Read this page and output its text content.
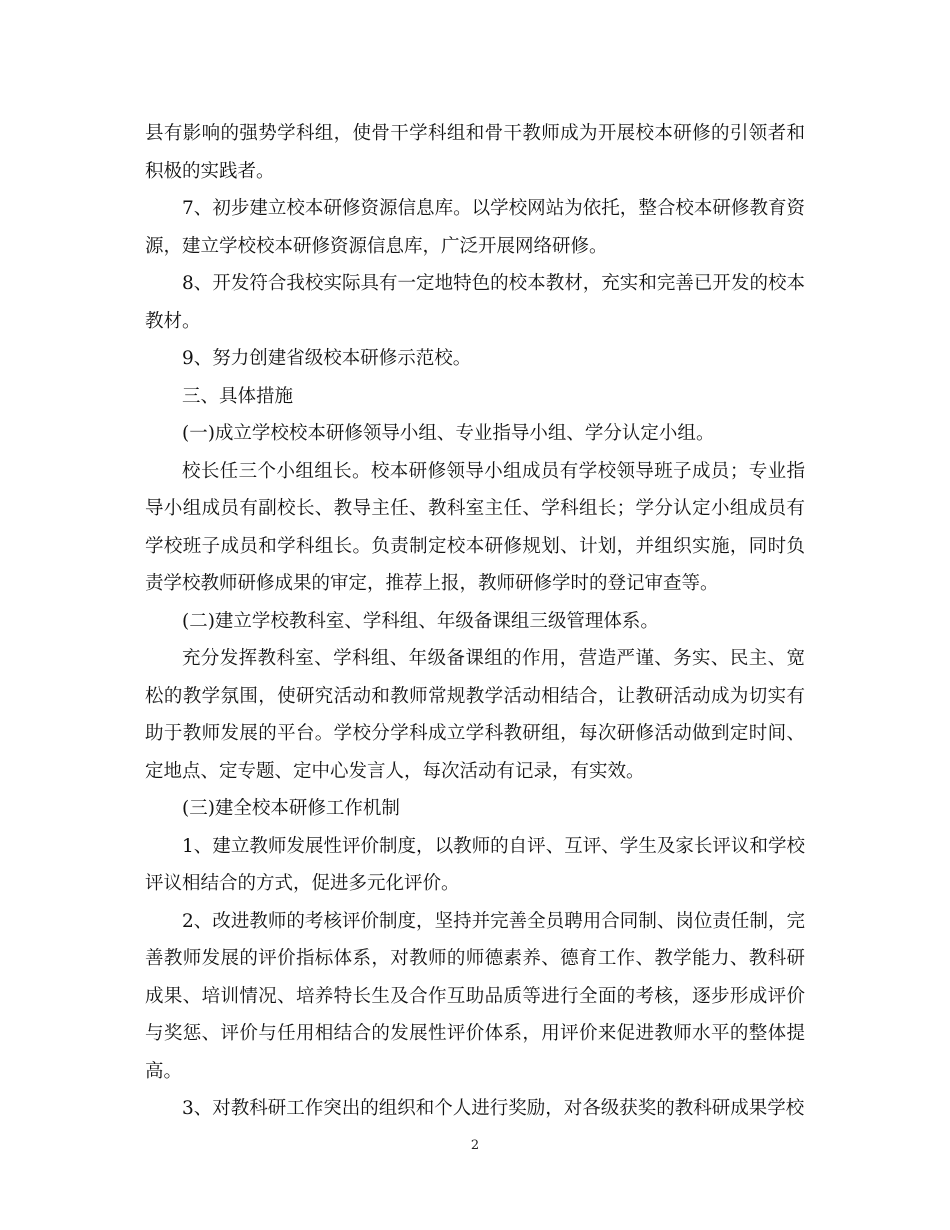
县有影响的强势学科组，使骨干学科组和骨干教师成为开展校本研修的引领者和积极的实践者。

7、初步建立校本研修资源信息库。以学校网站为依托，整合校本研修教育资源，建立学校校本研修资源信息库，广泛开展网络研修。

8、开发符合我校实际具有一定地特色的校本教材，充实和完善已开发的校本教材。

9、努力创建省级校本研修示范校。

三、具体措施

(一)成立学校校本研修领导小组、专业指导小组、学分认定小组。

校长任三个小组组长。校本研修领导小组成员有学校领导班子成员；专业指导小组成员有副校长、教导主任、教科室主任、学科组长；学分认定小组成员有学校班子成员和学科组长。负责制定校本研修规划、计划，并组织实施，同时负责学校教师研修成果的审定，推荐上报，教师研修学时的登记审查等。

(二)建立学校教科室、学科组、年级备课组三级管理体系。

充分发挥教科室、学科组、年级备课组的作用，营造严谨、务实、民主、宽松的教学氛围，使研究活动和教师常规教学活动相结合，让教研活动成为切实有助于教师发展的平台。学校分学科成立学科教研组，每次研修活动做到定时间、定地点、定专题、定中心发言人，每次活动有记录，有实效。

(三)建全校本研修工作机制

1、建立教师发展性评价制度，以教师的自评、互评、学生及家长评议和学校评议相结合的方式，促进多元化评价。

2、改进教师的考核评价制度，坚持并完善全员聘用合同制、岗位责任制，完善教师发展的评价指标体系，对教师的师德素养、德育工作、教学能力、教科研成果、培训情况、培养特长生及合作互助品质等进行全面的考核，逐步形成评价与奖惩、评价与任用相结合的发展性评价体系，用评价来促进教师水平的整体提高。

3、对教科研工作突出的组织和个人进行奖励，对各级获奖的教科研成果学校

2
